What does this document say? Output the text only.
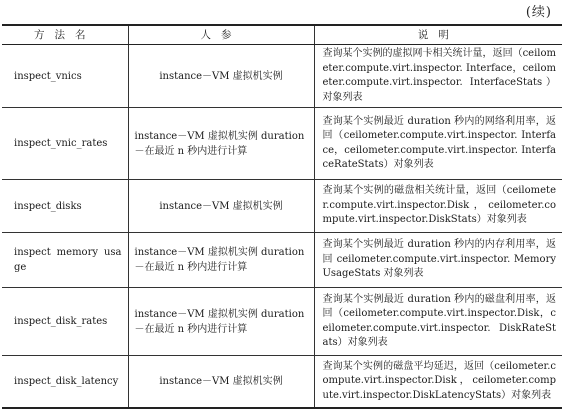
(续)
方法名	人参	说明
inspect_vnics	instance－VM 虚拟机实例	查询某个实例的虚拟网卡相关统计量，返回（ceilometer.compute.virt.inspector. Interface，ceilometer.compute.virt.inspector. InterfaceStats）对象列表
inspect_vnic_rates	instance－VM 虚拟机实例 duration－在最近 n 秒内进行计算	查询某个实例最近 duration 秒内的网络利用率，返回（ceilometer.compute.virt.inspector. Interface，ceilometer.compute.virt.inspector. InterfaceRateStats）对象列表
inspect_disks	instance－VM 虚拟机实例	查询某个实例的磁盘相关统计量，返回（ceilometer.compute.virt.inspector.Disk，ceilometer.compute.virt.inspector.DiskStats）对象列表
inspect memory usage	instance－VM 虚拟机实例 duration－在最近 n 秒内进行计算	查询某个实例最近 duration 秒内的内存利用率，返回 ceilometer.compute.virt.inspector. MemoryUsageStats 对象列表
inspect_disk_rates	instance－VM 虚拟机实例 duration－在最近 n 秒内进行计算	查询某个实例最近 duration 秒内的磁盘利用率，返回（ceilometer.compute.virt.inspector.Disk，ceilometer.compute.virt.inspector. DiskRateStats）对象列表
inspect_disk_latency	instance－VM 虚拟机实例	查询某个实例的磁盘平均延迟，返回（ceilometer.compute.virt.inspector.Disk，ceilometer.compute.virt.inspector.DiskLatencyStats）对象列表
